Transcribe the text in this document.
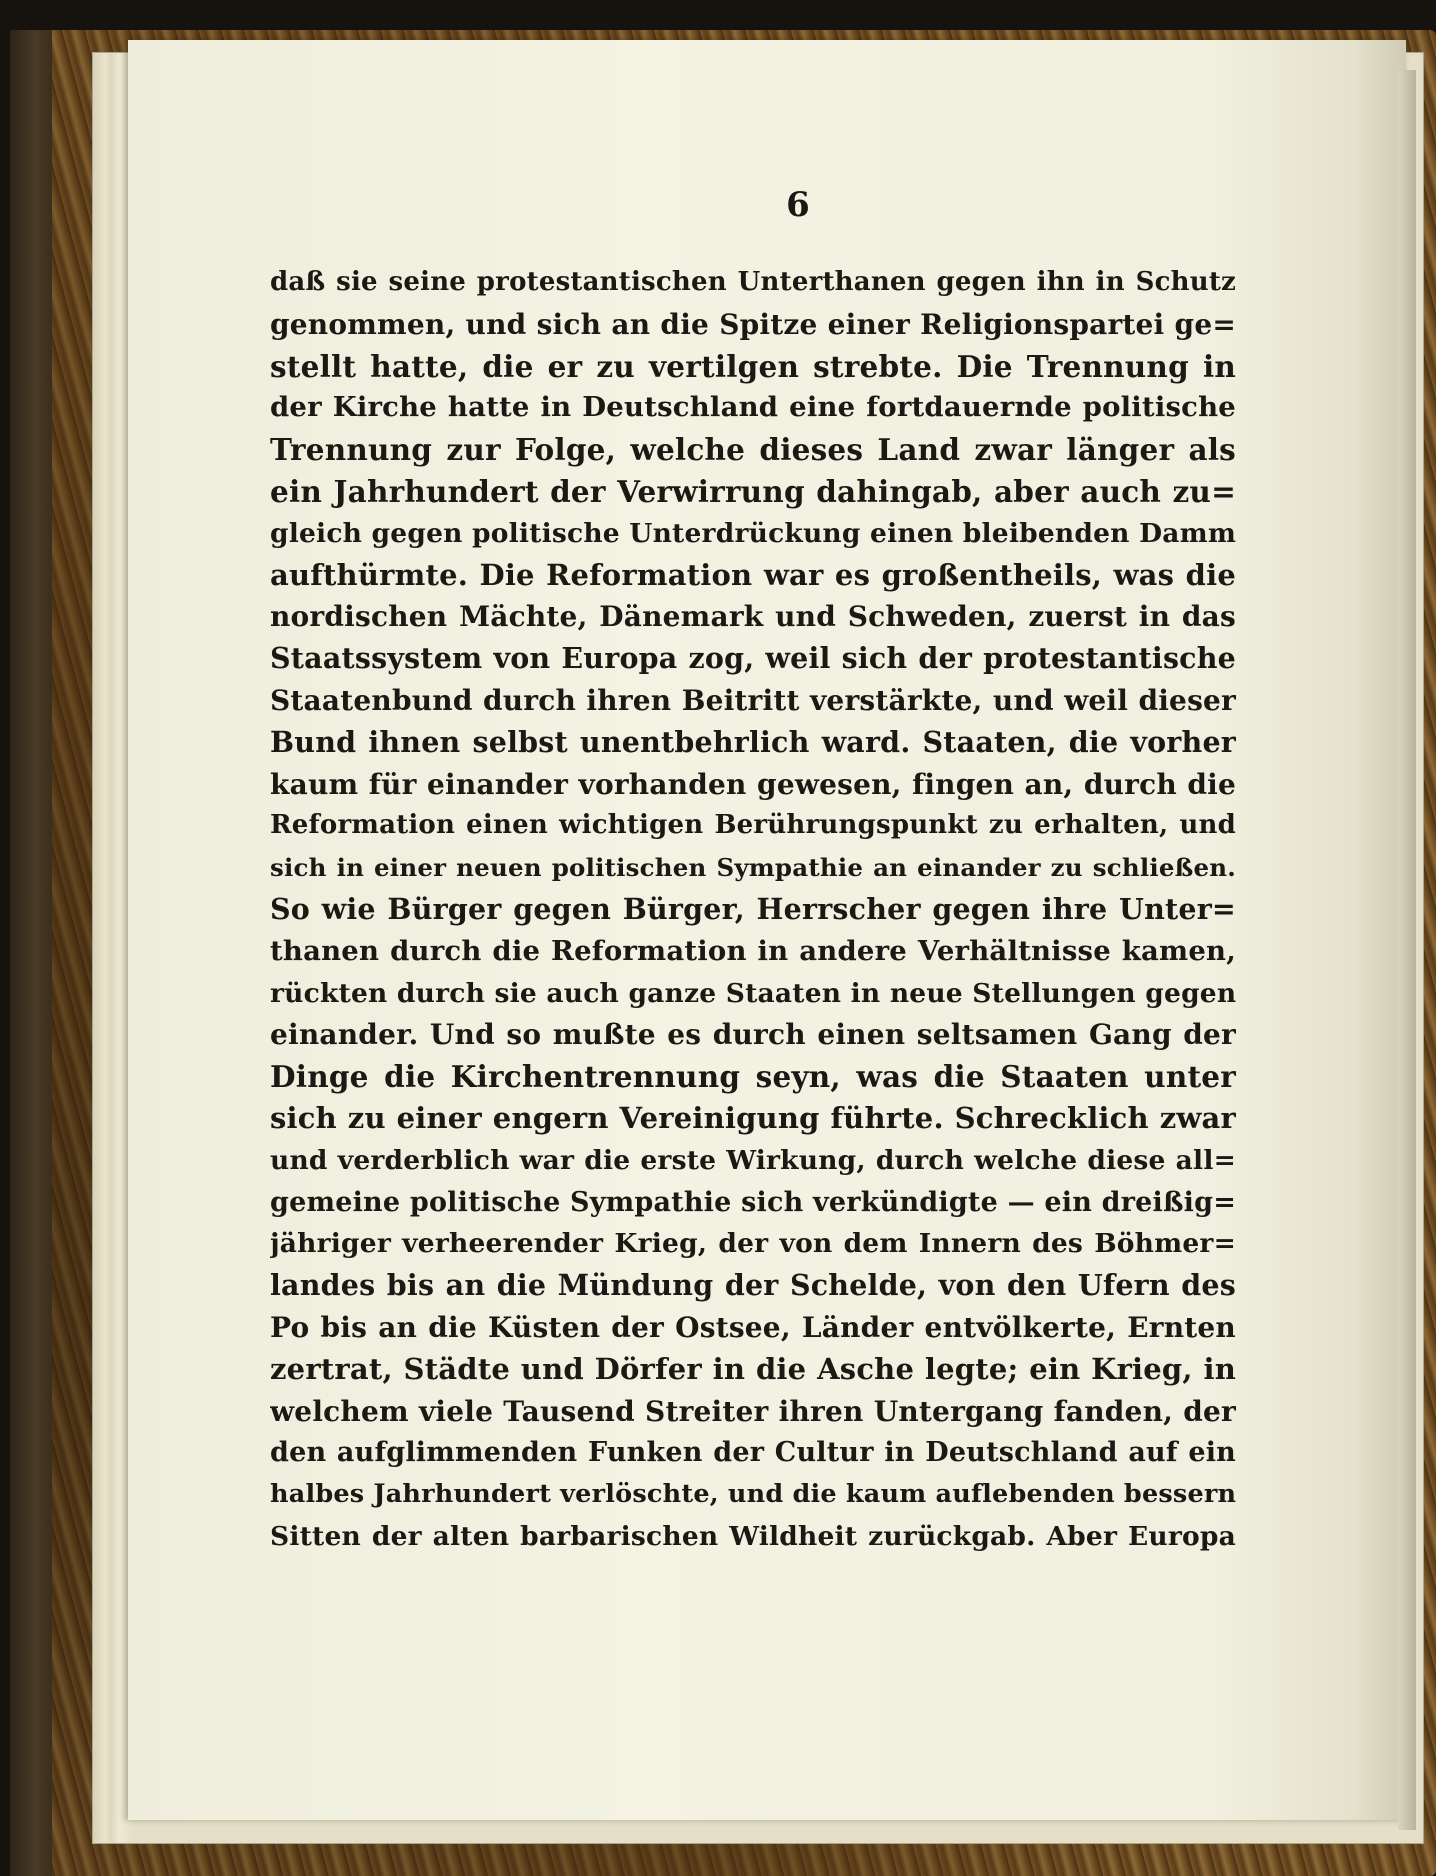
6
daß sie seine protestantischen Unterthanen gegen ihn in Schutz
genommen, und sich an die Spitze einer Religionspartei ge=
stellt hatte, die er zu vertilgen strebte. Die Trennung in
der Kirche hatte in Deutschland eine fortdauernde politische
Trennung zur Folge, welche dieses Land zwar länger als
ein Jahrhundert der Verwirrung dahingab, aber auch zu=
gleich gegen politische Unterdrückung einen bleibenden Damm
aufthürmte. Die Reformation war es großentheils, was die
nordischen Mächte, Dänemark und Schweden, zuerst in das
Staatssystem von Europa zog, weil sich der protestantische
Staatenbund durch ihren Beitritt verstärkte, und weil dieser
Bund ihnen selbst unentbehrlich ward. Staaten, die vorher
kaum für einander vorhanden gewesen, fingen an, durch die
Reformation einen wichtigen Berührungspunkt zu erhalten, und
sich in einer neuen politischen Sympathie an einander zu schließen.
So wie Bürger gegen Bürger, Herrscher gegen ihre Unter=
thanen durch die Reformation in andere Verhältnisse kamen,
rückten durch sie auch ganze Staaten in neue Stellungen gegen
einander. Und so mußte es durch einen seltsamen Gang der
Dinge die Kirchentrennung seyn, was die Staaten unter
sich zu einer engern Vereinigung führte. Schrecklich zwar
und verderblich war die erste Wirkung, durch welche diese all=
gemeine politische Sympathie sich verkündigte — ein dreißig=
jähriger verheerender Krieg, der von dem Innern des Böhmer=
landes bis an die Mündung der Schelde, von den Ufern des
Po bis an die Küsten der Ostsee, Länder entvölkerte, Ernten
zertrat, Städte und Dörfer in die Asche legte; ein Krieg, in
welchem viele Tausend Streiter ihren Untergang fanden, der
den aufglimmenden Funken der Cultur in Deutschland auf ein
halbes Jahrhundert verlöschte, und die kaum auflebenden bessern
Sitten der alten barbarischen Wildheit zurückgab. Aber Europa
